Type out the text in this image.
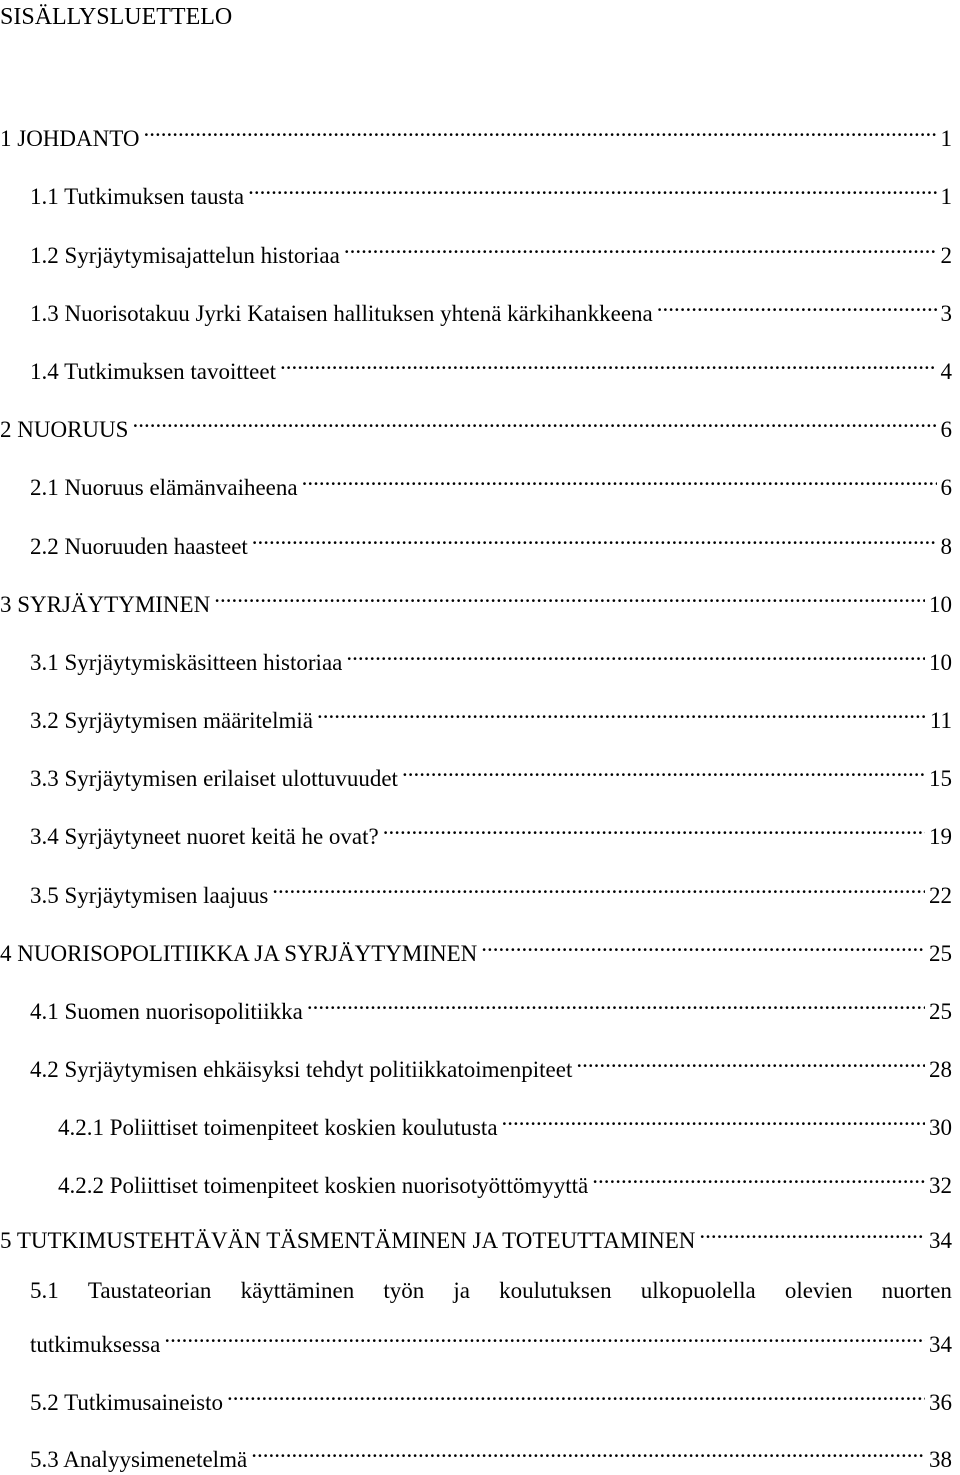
SISÄLLYSLUETTELO
1 JOHDANTO .....	1
1.1 Tutkimuksen tausta .....	1
1.2 Syrjäytymisajattelun historiaa .....	2
1.3 Nuorisotakuu Jyrki Kataisen hallituksen yhtenä kärkihankkeena .....	3
1.4 Tutkimuksen tavoitteet .....	4
2 NUORUUS .....	6
2.1 Nuoruus elämänvaiheena .....	6
2.2 Nuoruuden haasteet .....	8
3 SYRJÄYTYMINEN .....	10
3.1 Syrjäytymiskäsitteen historiaa .....	10
3.2 Syrjäytymisen määritelmiä .....	11
3.3 Syrjäytymisen erilaiset ulottuvuudet .....	15
3.4 Syrjäytyneet nuoret keitä he ovat? .....	19
3.5 Syrjäytymisen laajuus .....	22
4 NUORISOPOLITIIKKA JA SYRJÄYTYMINEN .....	25
4.1 Suomen nuorisopolitiikka .....	25
4.2 Syrjäytymisen ehkäisyksi tehdyt politiikkatoimenpiteet .....	28
4.2.1 Poliittiset toimenpiteet koskien koulutusta .....	30
4.2.2 Poliittiset toimenpiteet koskien nuorisotyöttömyyttä .....	32
5 TUTKIMUSTEHTÄVÄN TÄSMENTÄMINEN JA TOTEUTTAMINEN .....	34
5.1 Taustateorian käyttäminen työn ja koulutuksen ulkopuolella olevien nuorten
tutkimuksessa .....	34
5.2 Tutkimusaineisto .....	36
5.3 Analyysimenetelmä .....	38
